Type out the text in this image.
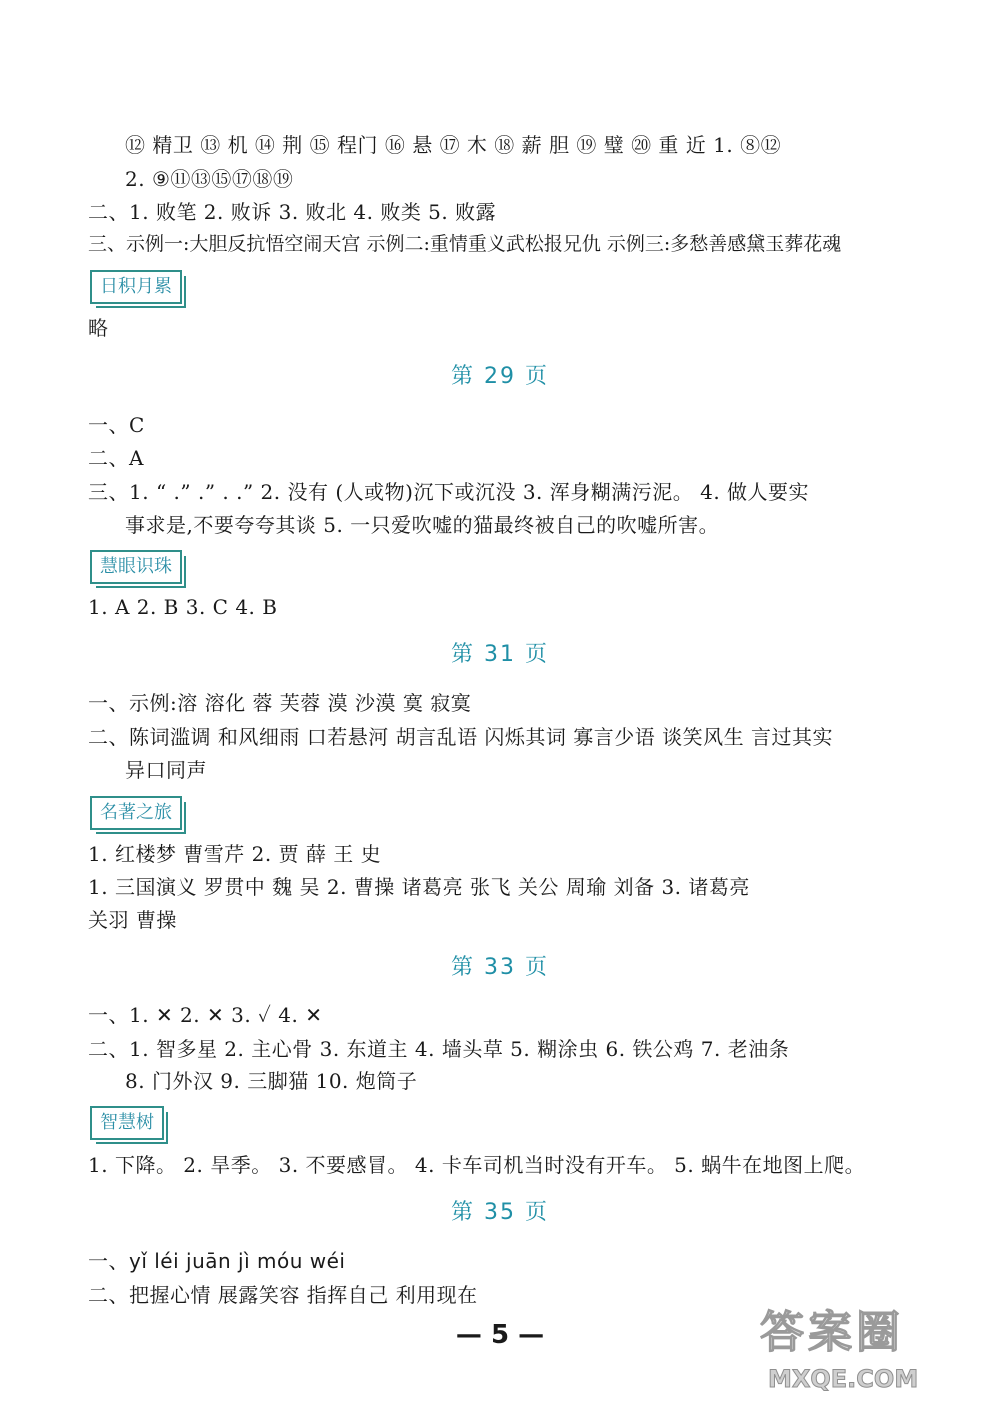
⑫ 精卫 ⑬ 机 ⑭ 荆 ⑮ 程门 ⑯ 悬 ⑰ 木 ⑱ 薪 胆 ⑲ 璧 ⑳ 重 近 1. ⑧⑫
2. ⑨⑪⑬⑮⑰⑱⑲
二、1. 败笔 2. 败诉 3. 败北 4. 败类 5. 败露
三、示例一:大胆反抗悟空闹天宫 示例二:重情重义武松报兄仇 示例三:多愁善感黛玉葬花魂
日积月累
略
第 29 页
一、C
二、A
三、1. “ .” .” . .” 2. 没有 (人或物)沉下或沉没 3. 浑身糊满污泥。 4. 做人要实
事求是,不要夸夸其谈 5. 一只爱吹嘘的猫最终被自己的吹嘘所害。
慧眼识珠
1. A 2. B 3. C 4. B
第 31 页
一、示例:溶 溶化 蓉 芙蓉 漠 沙漠 寞 寂寞
二、陈词滥调 和风细雨 口若悬河 胡言乱语 闪烁其词 寡言少语 谈笑风生 言过其实
异口同声
名著之旅
1. 红楼梦 曹雪芹 2. 贾 薛 王 史
1. 三国演义 罗贯中 魏 吴 2. 曹操 诸葛亮 张飞 关公 周瑜 刘备 3. 诸葛亮
关羽 曹操
第 33 页
一、1. ✕ 2. ✕ 3. ✓ 4. ✕
二、1. 智多星 2. 主心骨 3. 东道主 4. 墙头草 5. 糊涂虫 6. 铁公鸡 7. 老油条
8. 门外汉 9. 三脚猫 10. 炮筒子
智慧树
1. 下降。 2. 旱季。 3. 不要感冒。 4. 卡车司机当时没有开车。 5. 蜗牛在地图上爬。
第 35 页
一、yǐ léi juān jì móu wéi
二、把握心情 展露笑容 指挥自己 利用现在
— 5 —	答案圈
MXQE.COM
